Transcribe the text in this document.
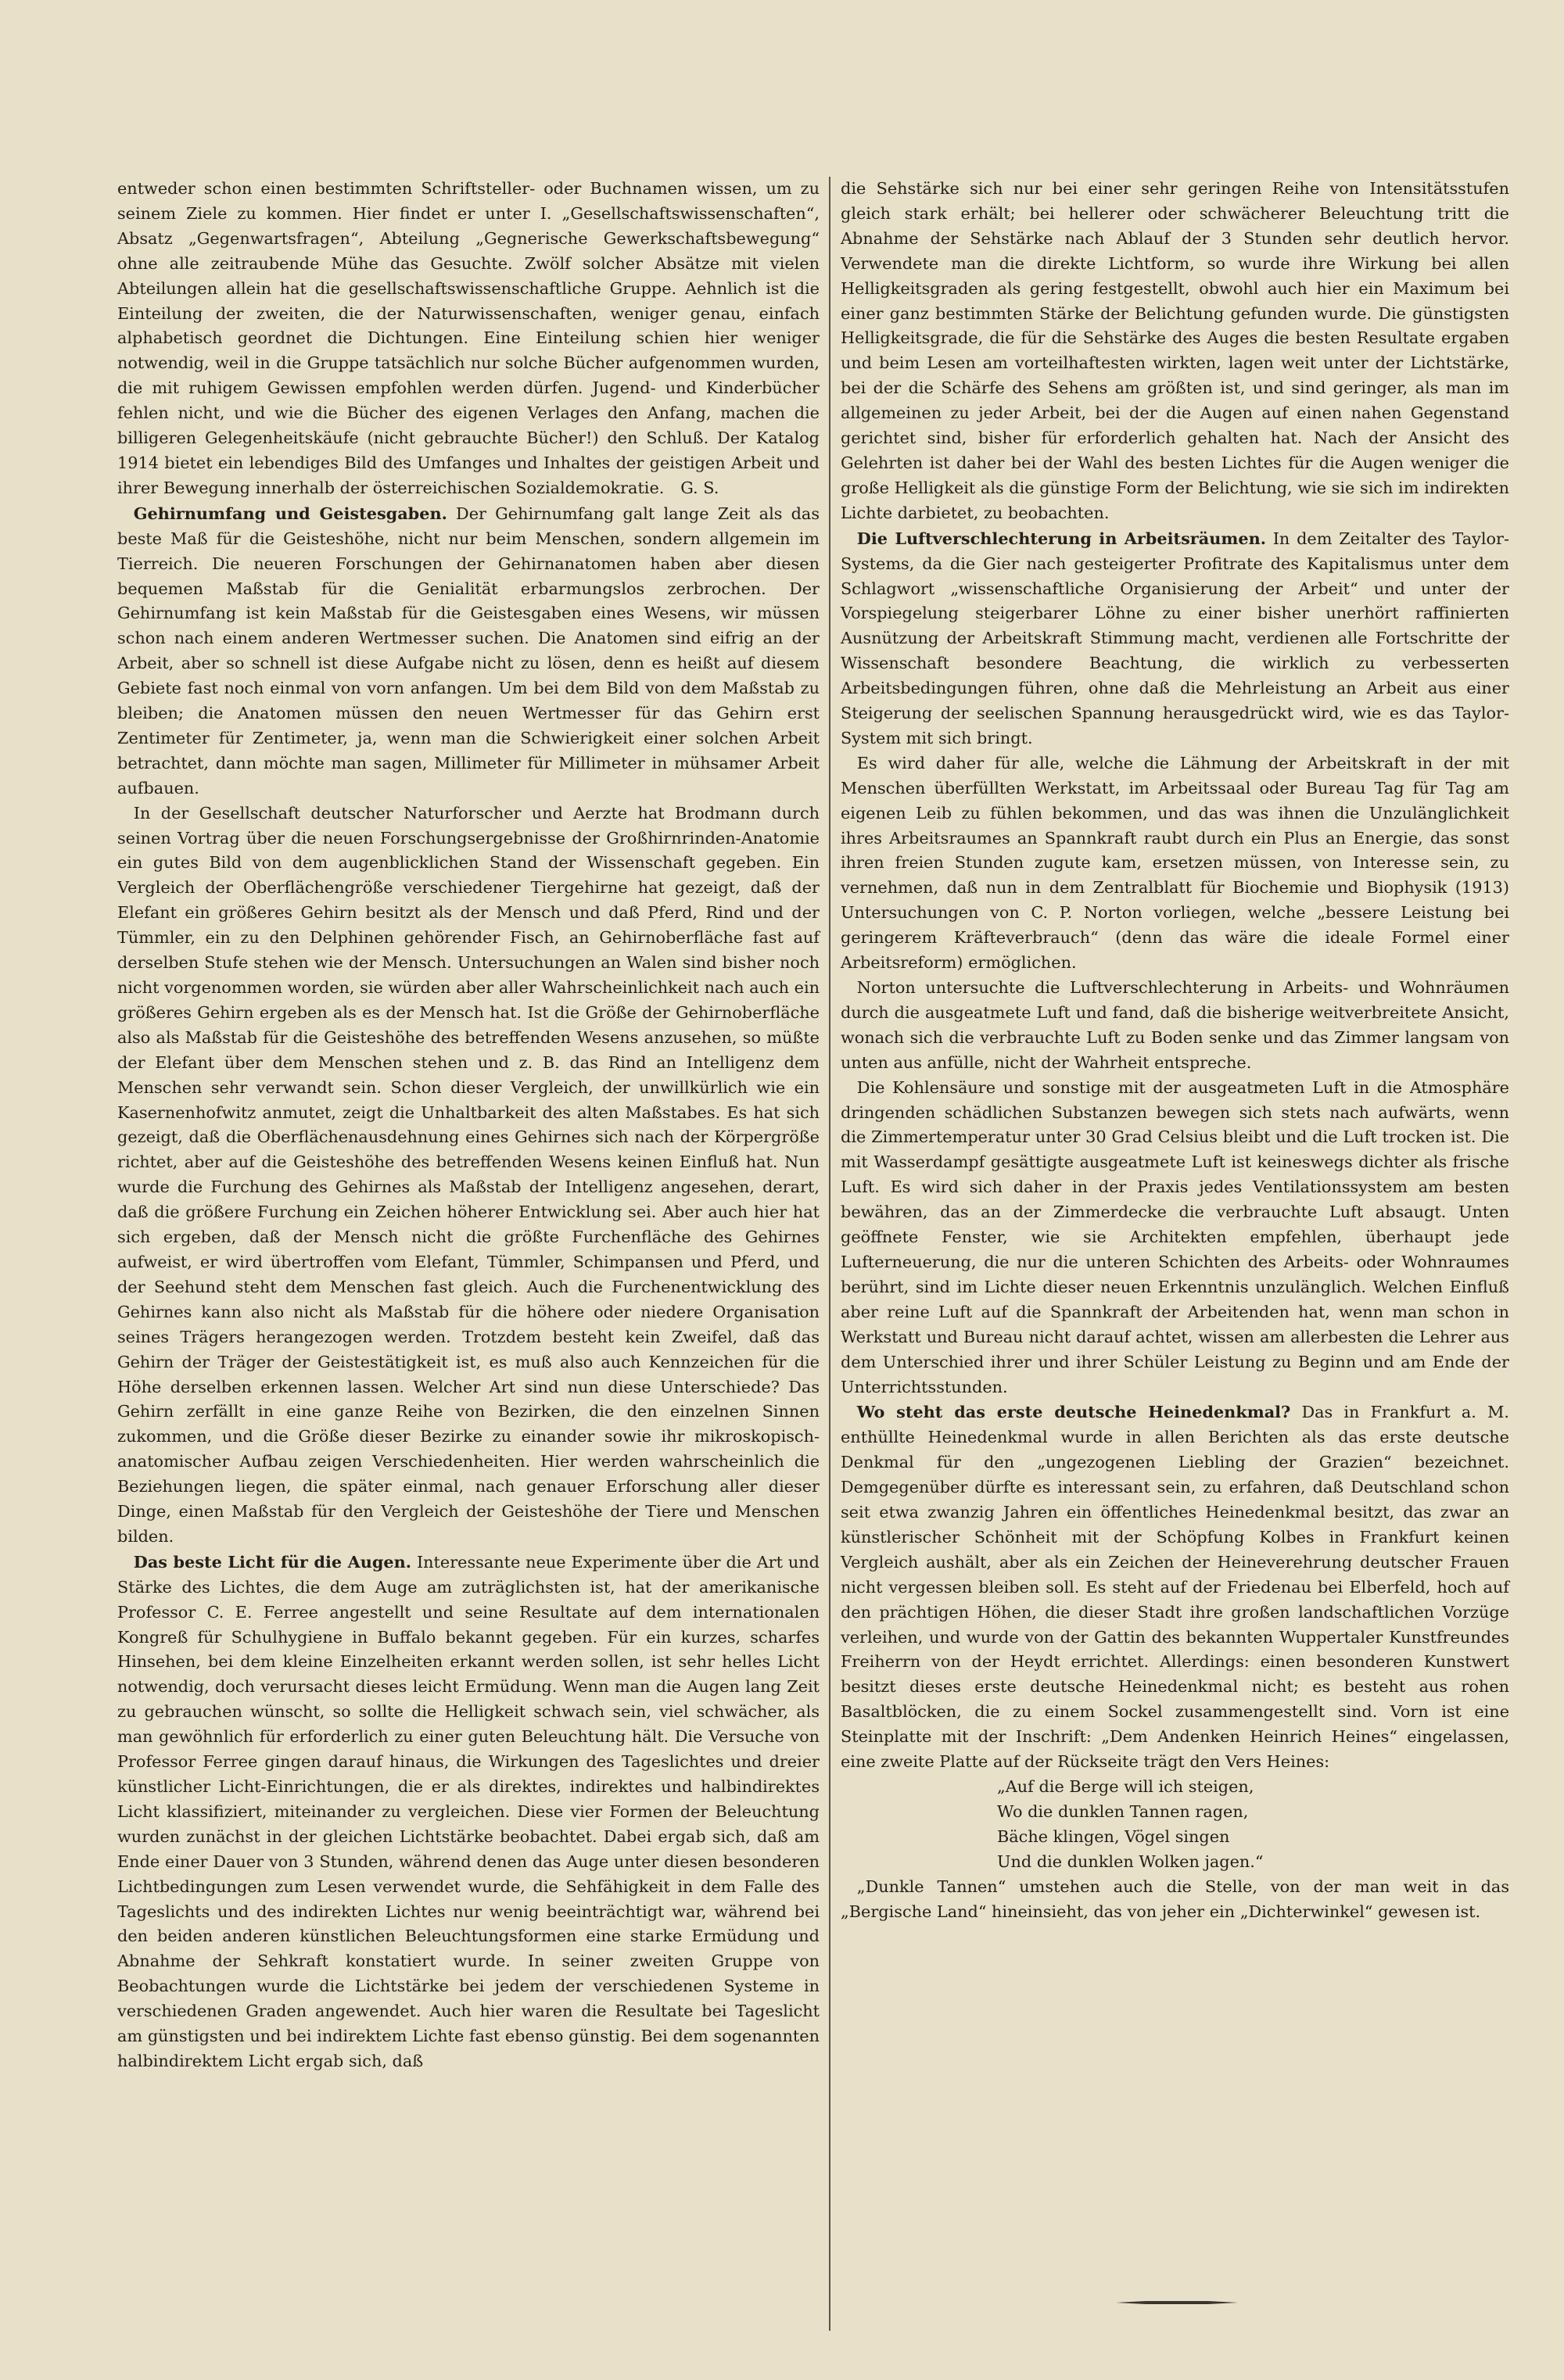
entweder schon einen bestimmten Schriftsteller- oder Buchnamen wissen, um zu seinem Ziele zu kommen. Hier findet er unter I. „Gesellschaftswissenschaften“, Absatz „Gegenwartsfragen“, Abteilung „Gegnerische Gewerkschaftsbewegung“ ohne alle zeitraubende Mühe das Gesuchte. Zwölf solcher Absätze mit vielen Abteilungen allein hat die gesellschaftswissenschaftliche Gruppe. Aehnlich ist die Einteilung der zweiten, die der Naturwissenschaften, weniger genau, einfach alphabetisch geordnet die Dichtungen. Eine Einteilung schien hier weniger notwendig, weil in die Gruppe tatsächlich nur solche Bücher aufgenommen wurden, die mit ruhigem Gewissen empfohlen werden dürfen. Jugend- und Kinderbücher fehlen nicht, und wie die Bücher des eigenen Verlages den Anfang, machen die billigeren Gelegenheitskäufe (nicht gebrauchte Bücher!) den Schluß. Der Katalog 1914 bietet ein lebendiges Bild des Umfanges und Inhaltes der geistigen Arbeit und ihrer Bewegung innerhalb der österreichischen Sozialdemokratie.  G. S.

 Gehirnumfang und Geistesgaben. Der Gehirnumfang galt lange Zeit als das beste Maß für die Geisteshöhe, nicht nur beim Menschen, sondern allgemein im Tierreich. Die neueren Forschungen der Gehirnanatomen haben aber diesen bequemen Maßstab für die Genialität erbarmungslos zerbrochen. Der Gehirnumfang ist kein Maßstab für die Geistesgaben eines Wesens, wir müssen schon nach einem anderen Wertmesser suchen. Die Anatomen sind eifrig an der Arbeit, aber so schnell ist diese Aufgabe nicht zu lösen, denn es heißt auf diesem Gebiete fast noch einmal von vorn anfangen. Um bei dem Bild von dem Maßstab zu bleiben; die Anatomen müssen den neuen Wertmesser für das Gehirn erst Zentimeter für Zentimeter, ja, wenn man die Schwierigkeit einer solchen Arbeit betrachtet, dann möchte man sagen, Millimeter für Millimeter in mühsamer Arbeit aufbauen.

 In der Gesellschaft deutscher Naturforscher und Aerzte hat Brodmann durch seinen Vortrag über die neuen Forschungsergebnisse der Großhirnrinden-Anatomie ein gutes Bild von dem augenblicklichen Stand der Wissenschaft gegeben. Ein Vergleich der Oberflächengröße verschiedener Tiergehirne hat gezeigt, daß der Elefant ein größeres Gehirn besitzt als der Mensch und daß Pferd, Rind und der Tümmler, ein zu den Delphinen gehörender Fisch, an Gehirnoberfläche fast auf derselben Stufe stehen wie der Mensch. Untersuchungen an Walen sind bisher noch nicht vorgenommen worden, sie würden aber aller Wahrscheinlichkeit nach auch ein größeres Gehirn ergeben als es der Mensch hat. Ist die Größe der Gehirnoberfläche also als Maßstab für die Geisteshöhe des betreffenden Wesens anzusehen, so müßte der Elefant über dem Menschen stehen und z. B. das Rind an Intelligenz dem Menschen sehr verwandt sein. Schon dieser Vergleich, der unwillkürlich wie ein Kasernenhofwitz anmutet, zeigt die Unhaltbarkeit des alten Maßstabes. Es hat sich gezeigt, daß die Oberflächenausdehnung eines Gehirnes sich nach der Körpergröße richtet, aber auf die Geisteshöhe des betreffenden Wesens keinen Einfluß hat. Nun wurde die Furchung des Gehirnes als Maßstab der Intelligenz angesehen, derart, daß die größere Furchung ein Zeichen höherer Entwicklung sei. Aber auch hier hat sich ergeben, daß der Mensch nicht die größte Furchenfläche des Gehirnes aufweist, er wird übertroffen vom Elefant, Tümmler, Schimpansen und Pferd, und der Seehund steht dem Menschen fast gleich. Auch die Furchenentwicklung des Gehirnes kann also nicht als Maßstab für die höhere oder niedere Organisation seines Trägers herangezogen werden. Trotzdem besteht kein Zweifel, daß das Gehirn der Träger der Geistestätigkeit ist, es muß also auch Kennzeichen für die Höhe derselben erkennen lassen. Welcher Art sind nun diese Unterschiede? Das Gehirn zerfällt in eine ganze Reihe von Bezirken, die den einzelnen Sinnen zukommen, und die Größe dieser Bezirke zu einander sowie ihr mikroskopisch-anatomischer Aufbau zeigen Verschiedenheiten. Hier werden wahrscheinlich die Beziehungen liegen, die später einmal, nach genauer Erforschung aller dieser Dinge, einen Maßstab für den Vergleich der Geisteshöhe der Tiere und Menschen bilden.

 Das beste Licht für die Augen. Interessante neue Experimente über die Art und Stärke des Lichtes, die dem Auge am zuträglichsten ist, hat der amerikanische Professor C. E. Ferree angestellt und seine Resultate auf dem internationalen Kongreß für Schulhygiene in Buffalo bekannt gegeben. Für ein kurzes, scharfes Hinsehen, bei dem kleine Einzelheiten erkannt werden sollen, ist sehr helles Licht notwendig, doch verursacht dieses leicht Ermüdung. Wenn man die Augen lang Zeit zu gebrauchen wünscht, so sollte die Helligkeit schwach sein, viel schwächer, als man gewöhnlich für erforderlich zu einer guten Beleuchtung hält. Die Versuche von Professor Ferree gingen darauf hinaus, die Wirkungen des Tageslichtes und dreier künstlicher Licht-Einrichtungen, die er als direktes, indirektes und halbindirektes Licht klassifiziert, miteinander zu vergleichen. Diese vier Formen der Beleuchtung wurden zunächst in der gleichen Lichtstärke beobachtet. Dabei ergab sich, daß am Ende einer Dauer von 3 Stunden, während denen das Auge unter diesen besonderen Lichtbedingungen zum Lesen verwendet wurde, die Sehfähigkeit in dem Falle des Tageslichts und des indirekten Lichtes nur wenig beeinträchtigt war, während bei den beiden anderen künstlichen Beleuchtungsformen eine starke Ermüdung und Abnahme der Sehkraft konstatiert wurde. In seiner zweiten Gruppe von Beobachtungen wurde die Lichtstärke bei jedem der verschiedenen Systeme in verschiedenen Graden angewendet. Auch hier waren die Resultate bei Tageslicht am günstigsten und bei indirektem Lichte fast ebenso günstig. Bei dem sogenannten halbindirektem Licht ergab sich, daß

die Sehstärke sich nur bei einer sehr geringen Reihe von Intensitätsstufen gleich stark erhält; bei hellerer oder schwächerer Beleuchtung tritt die Abnahme der Sehstärke nach Ablauf der 3 Stunden sehr deutlich hervor. Verwendete man die direkte Lichtform, so wurde ihre Wirkung bei allen Helligkeitsgraden als gering festgestellt, obwohl auch hier ein Maximum bei einer ganz bestimmten Stärke der Belichtung gefunden wurde. Die günstigsten Helligkeitsgrade, die für die Sehstärke des Auges die besten Resultate ergaben und beim Lesen am vorteilhaftesten wirkten, lagen weit unter der Lichtstärke, bei der die Schärfe des Sehens am größten ist, und sind geringer, als man im allgemeinen zu jeder Arbeit, bei der die Augen auf einen nahen Gegenstand gerichtet sind, bisher für erforderlich gehalten hat. Nach der Ansicht des Gelehrten ist daher bei der Wahl des besten Lichtes für die Augen weniger die große Helligkeit als die günstige Form der Belichtung, wie sie sich im indirekten Lichte darbietet, zu beobachten.

 Die Luftverschlechterung in Arbeitsräumen. In dem Zeitalter des Taylor-Systems, da die Gier nach gesteigerter Profitrate des Kapitalismus unter dem Schlagwort „wissenschaftliche Organisierung der Arbeit“ und unter der Vorspiegelung steigerbarer Löhne zu einer bisher unerhört raffinierten Ausnützung der Arbeitskraft Stimmung macht, verdienen alle Fortschritte der Wissenschaft besondere Beachtung, die wirklich zu verbesserten Arbeitsbedingungen führen, ohne daß die Mehrleistung an Arbeit aus einer Steigerung der seelischen Spannung herausgedrückt wird, wie es das Taylor-System mit sich bringt.

 Es wird daher für alle, welche die Lähmung der Arbeitskraft in der mit Menschen überfüllten Werkstatt, im Arbeitssaal oder Bureau Tag für Tag am eigenen Leib zu fühlen bekommen, und das was ihnen die Unzulänglichkeit ihres Arbeitsraumes an Spannkraft raubt durch ein Plus an Energie, das sonst ihren freien Stunden zugute kam, ersetzen müssen, von Interesse sein, zu vernehmen, daß nun in dem Zentralblatt für Biochemie und Biophysik (1913) Untersuchungen von C. P. Norton vorliegen, welche „bessere Leistung bei geringerem Kräfteverbrauch“ (denn das wäre die ideale Formel einer Arbeitsreform) ermöglichen.

 Norton untersuchte die Luftverschlechterung in Arbeits- und Wohnräumen durch die ausgeatmete Luft und fand, daß die bisherige weitverbreitete Ansicht, wonach sich die verbrauchte Luft zu Boden senke und das Zimmer langsam von unten aus anfülle, nicht der Wahrheit entspreche.

 Die Kohlensäure und sonstige mit der ausgeatmeten Luft in die Atmosphäre dringenden schädlichen Substanzen bewegen sich stets nach aufwärts, wenn die Zimmertemperatur unter 30 Grad Celsius bleibt und die Luft trocken ist. Die mit Wasserdampf gesättigte ausgeatmete Luft ist keineswegs dichter als frische Luft. Es wird sich daher in der Praxis jedes Ventilationssystem am besten bewähren, das an der Zimmerdecke die verbrauchte Luft absaugt. Unten geöffnete Fenster, wie sie Architekten empfehlen, überhaupt jede Lufterneuerung, die nur die unteren Schichten des Arbeits- oder Wohnraumes berührt, sind im Lichte dieser neuen Erkenntnis unzulänglich. Welchen Einfluß aber reine Luft auf die Spannkraft der Arbeitenden hat, wenn man schon in Werkstatt und Bureau nicht darauf achtet, wissen am allerbesten die Lehrer aus dem Unterschied ihrer und ihrer Schüler Leistung zu Beginn und am Ende der Unterrichtsstunden.

 Wo steht das erste deutsche Heinedenkmal? Das in Frankfurt a. M. enthüllte Heinedenkmal wurde in allen Berichten als das erste deutsche Denkmal für den „ungezogenen Liebling der Grazien“ bezeichnet. Demgegenüber dürfte es interessant sein, zu erfahren, daß Deutschland schon seit etwa zwanzig Jahren ein öffentliches Heinedenkmal besitzt, das zwar an künstlerischer Schönheit mit der Schöpfung Kolbes in Frankfurt keinen Vergleich aushält, aber als ein Zeichen der Heineverehrung deutscher Frauen nicht vergessen bleiben soll. Es steht auf der Friedenau bei Elberfeld, hoch auf den prächtigen Höhen, die dieser Stadt ihre großen landschaftlichen Vorzüge verleihen, und wurde von der Gattin des bekannten Wuppertaler Kunstfreundes Freiherrn von der Heydt errichtet. Allerdings: einen besonderen Kunstwert besitzt dieses erste deutsche Heinedenkmal nicht; es besteht aus rohen Basaltblöcken, die zu einem Sockel zusammengestellt sind. Vorn ist eine Steinplatte mit der Inschrift: „Dem Andenken Heinrich Heines“ eingelassen, eine zweite Platte auf der Rückseite trägt den Vers Heines:

„Auf die Berge will ich steigen,

Wo die dunklen Tannen ragen,

Bäche klingen, Vögel singen

Und die dunklen Wolken jagen.“

 „Dunkle Tannen“ umstehen auch die Stelle, von der man weit in das „Bergische Land“ hineinsieht, das von jeher ein „Dichterwinkel“ gewesen ist.
